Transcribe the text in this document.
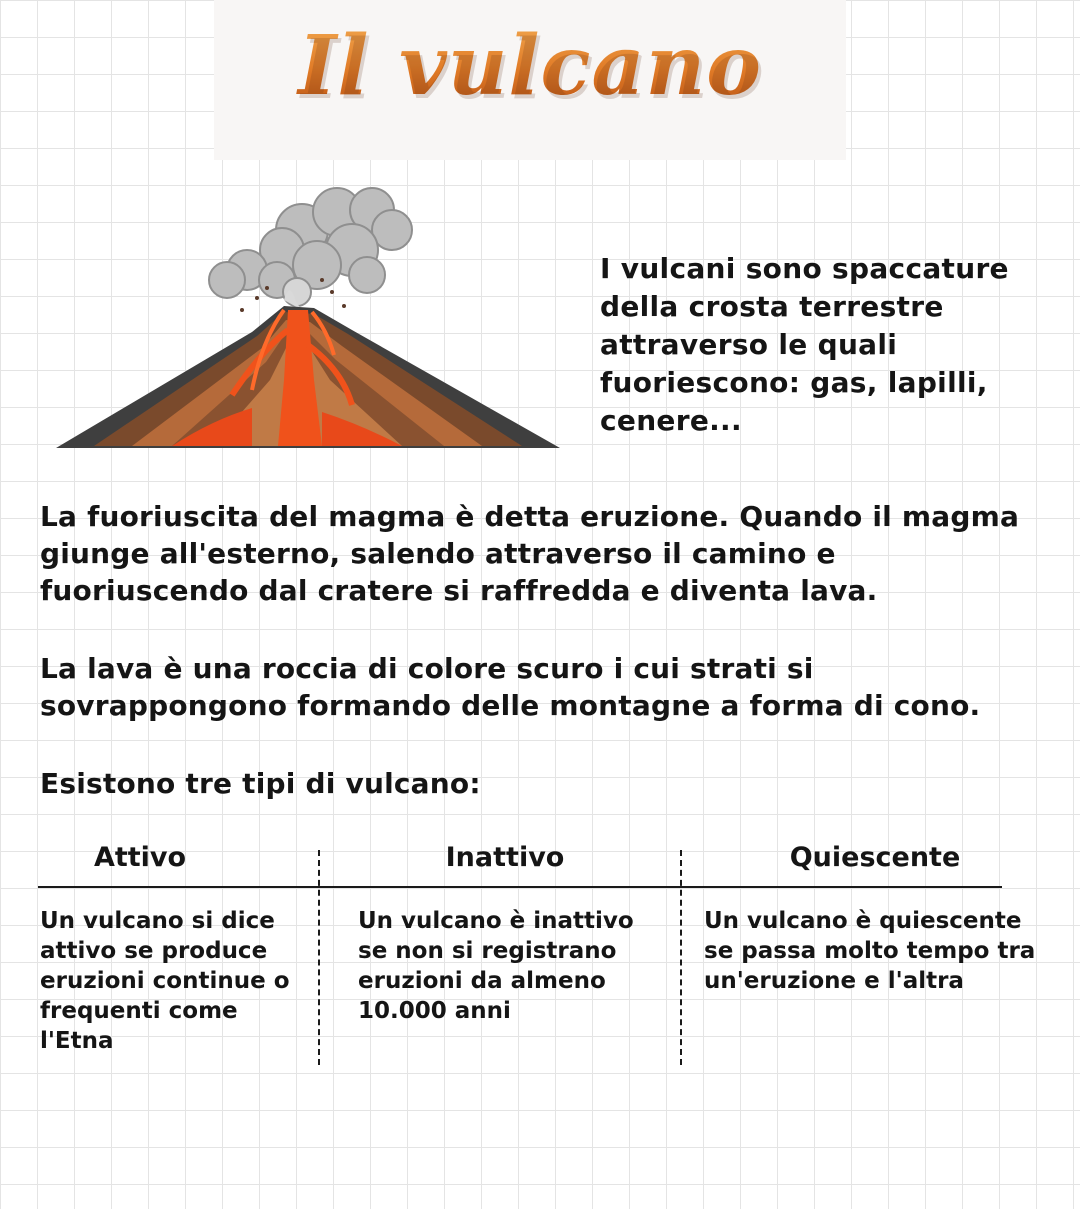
Il vulcano
I vulcani sono spaccature della crosta terrestre attraverso le quali fuoriescono: gas, lapilli, cenere...
La fuoriuscita del magma è detta eruzione. Quando il magma giunge all'esterno, salendo attraverso il camino e fuoriuscendo dal cratere si raffredda e diventa lava.
La lava è una roccia di colore scuro i cui strati si sovrappongono formando delle montagne a forma di cono.
Esistono tre tipi di vulcano:
Attivo	Inattivo	Quiescente
Un vulcano si dice attivo se produce eruzioni continue o frequenti come l'Etna
Un vulcano è inattivo se non si registrano eruzioni da almeno 10.000 anni
Un vulcano è quiescente se passa molto tempo tra un'eruzione e l'altra
